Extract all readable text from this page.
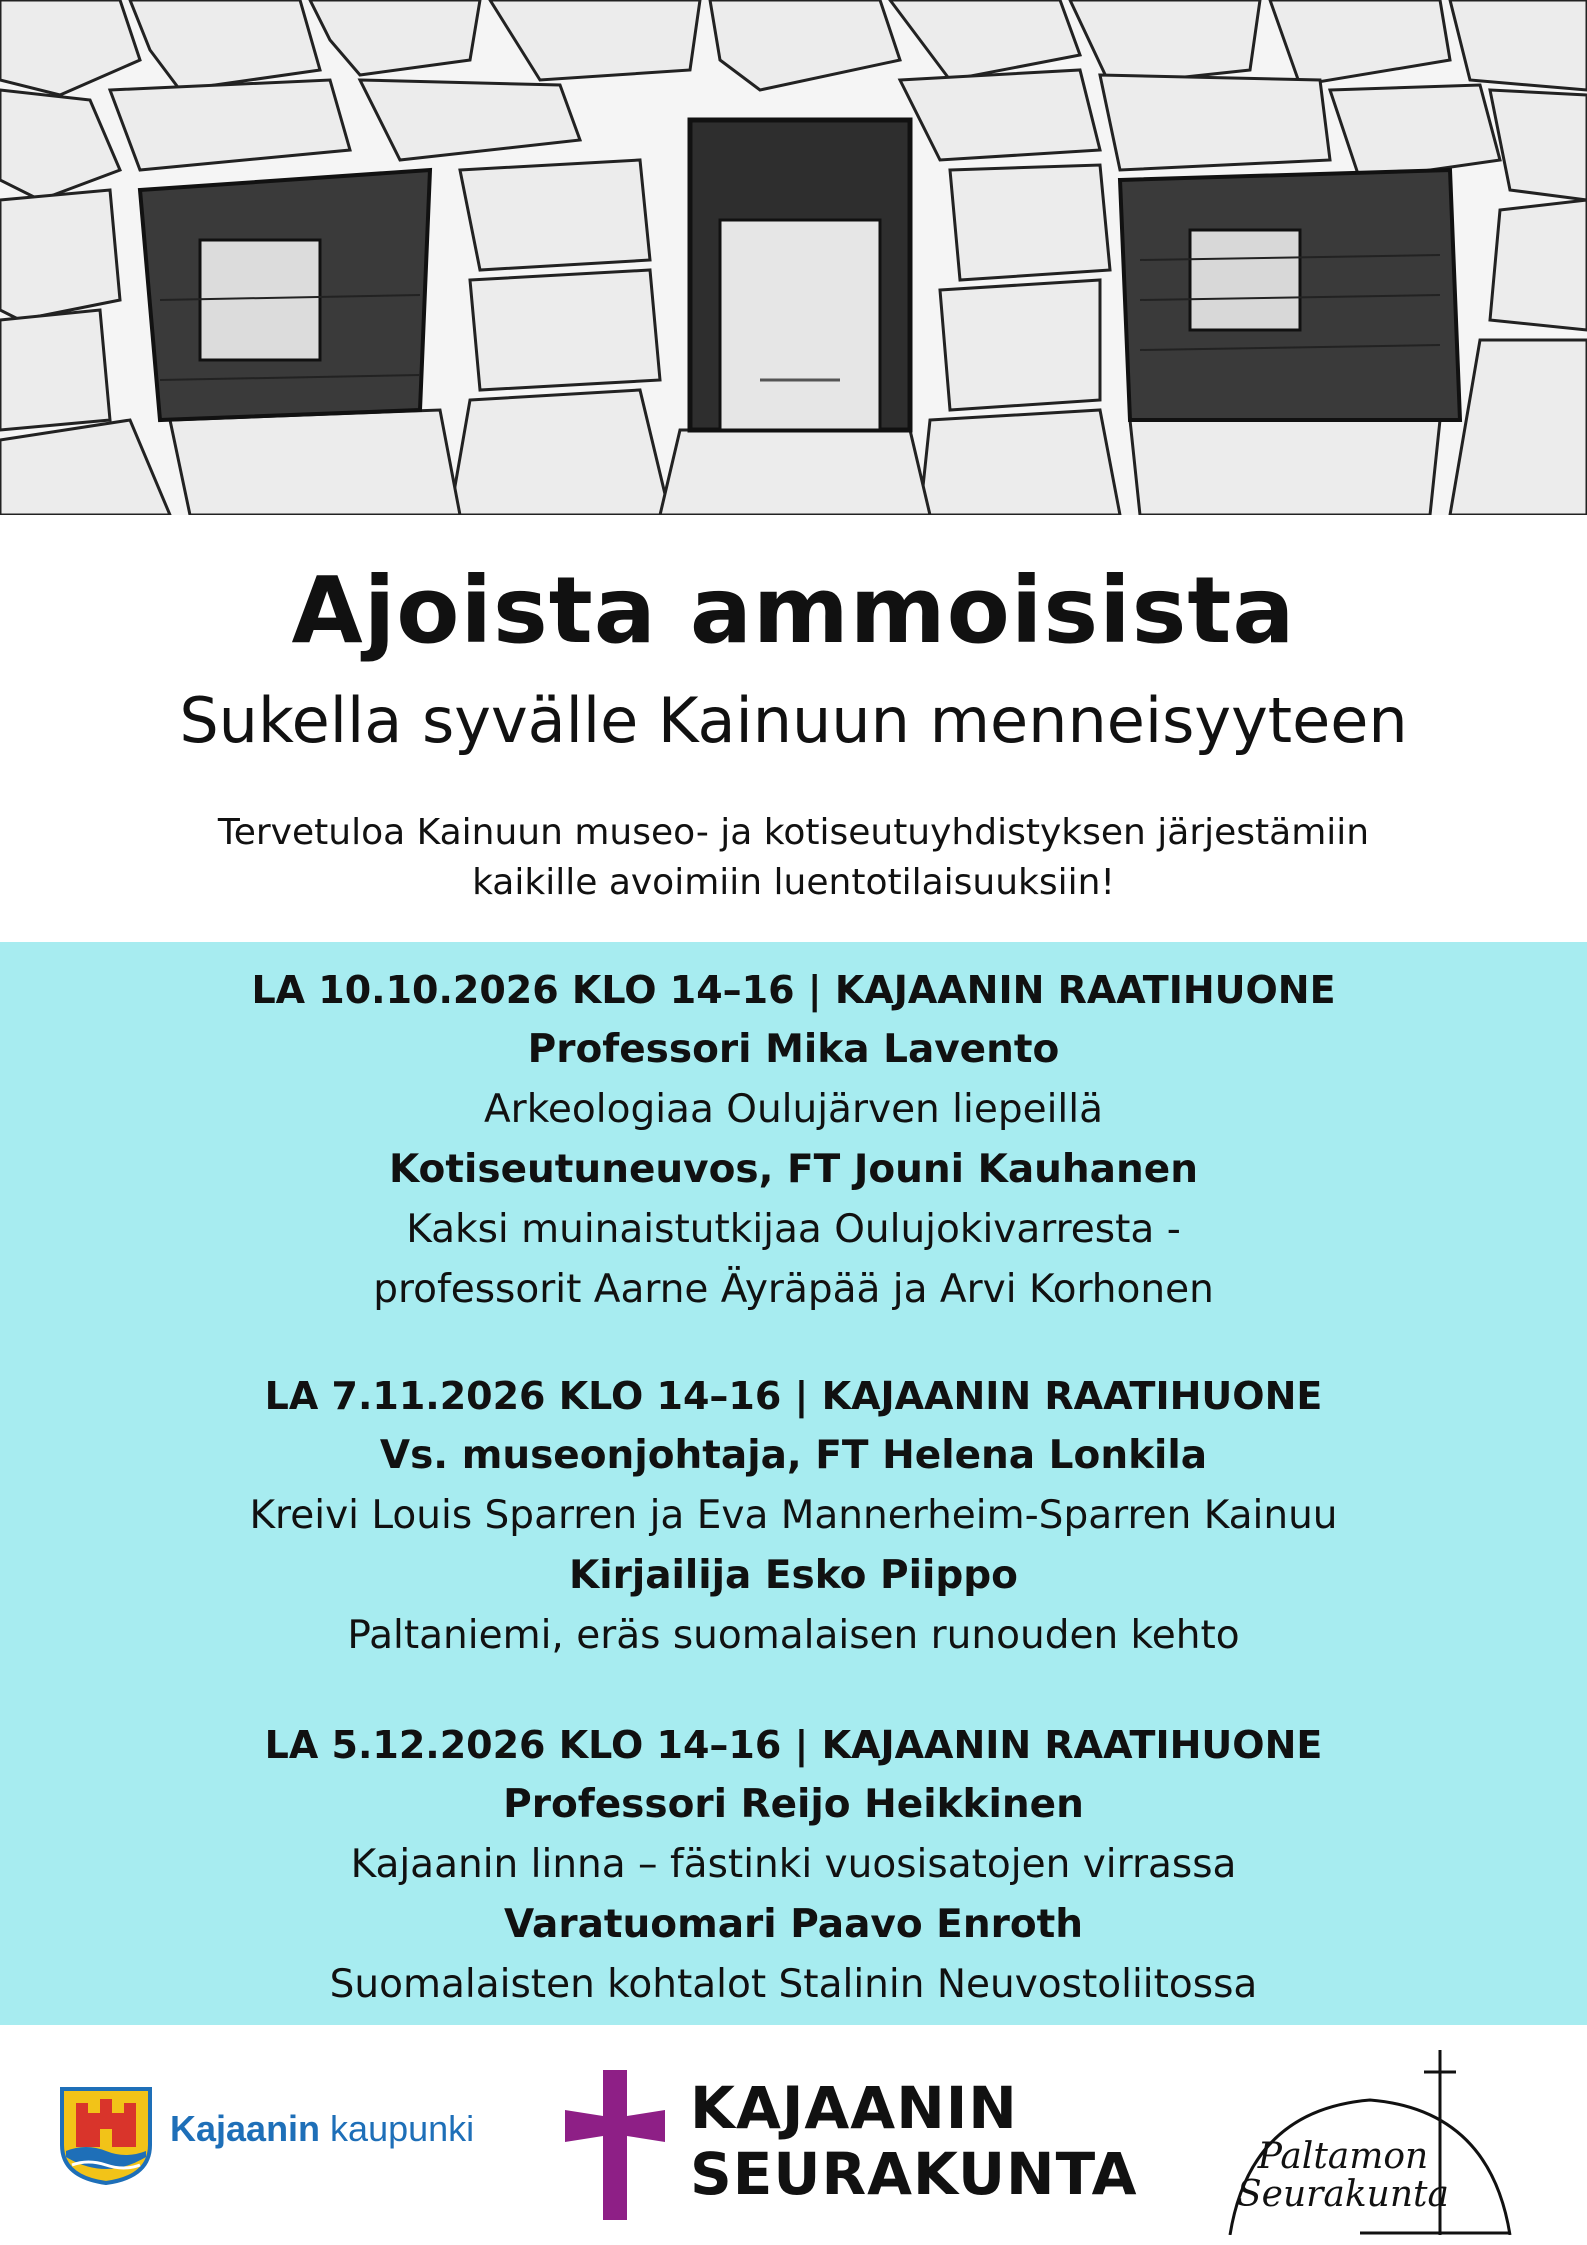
Ajoista ammoisista
Sukella syvälle Kainuun menneisyyteen
Tervetuloa Kainuun museo- ja kotiseutuyhdistyksen järjestämiin
kaikille avoimiin luentotilaisuuksiin!
LA 10.10.2026 KLO 14–16 | KAJAANIN RAATIHUONE
Professori Mika Lavento
Arkeologiaa Oulujärven liepeillä
Kotiseutuneuvos, FT Jouni Kauhanen
Kaksi muinaistutkijaa Oulujokivarresta -
professorit Aarne Äyräpää ja Arvi Korhonen
LA 7.11.2026 KLO 14–16 | KAJAANIN RAATIHUONE
Vs. museonjohtaja, FT Helena Lonkila
Kreivi Louis Sparren ja Eva Mannerheim-Sparren Kainuu
Kirjailija Esko Piippo
Paltaniemi, eräs suomalaisen runouden kehto
LA 5.12.2026 KLO 14–16 | KAJAANIN RAATIHUONE
Professori Reijo Heikkinen
Kajaanin linna – fästinki vuosisatojen virrassa
Varatuomari Paavo Enroth
Suomalaisten kohtalot Stalinin Neuvostoliitossa
Kajaanin kaupunki	KAJAANIN
SEURAKUNTA	Paltamon
Seurakunta
